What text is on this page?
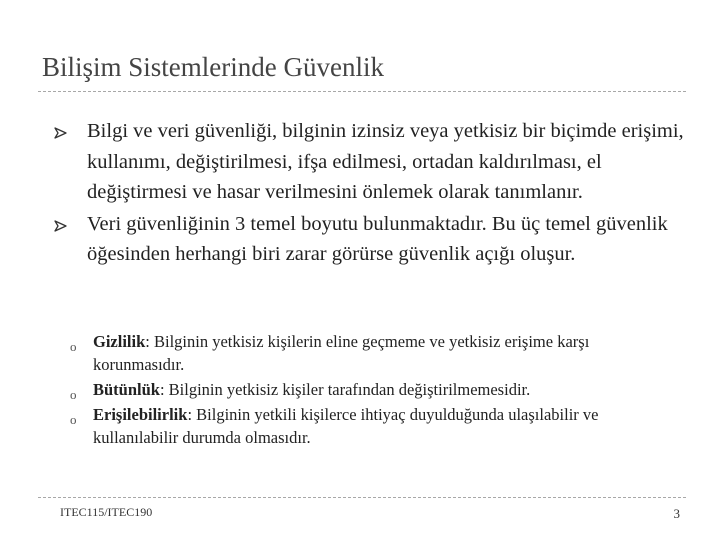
Bilişim Sistemlerinde Güvenlik
Bilgi ve veri güvenliği, bilginin izinsiz veya yetkisiz bir biçimde erişimi, kullanımı, değiştirilmesi, ifşa edilmesi, ortadan kaldırılması, el değiştirmesi ve hasar verilmesini önlemek olarak tanımlanır.
Veri güvenliğinin 3 temel boyutu bulunmaktadır. Bu üç temel güvenlik öğesinden herhangi biri zarar görürse güvenlik açığı oluşur.
o Gizlilik: Bilginin yetkisiz kişilerin eline geçmeme ve yetkisiz erişime karşı korunmasıdır.
o Bütünlük: Bilginin yetkisiz kişiler tarafından değiştirilmemesidir.
o Erişilebilirlik: Bilginin yetkili kişilerce ihtiyaç duyulduğunda ulaşılabilir ve kullanılabilir durumda olmasıdır.
ITEC115/ITEC190	3
